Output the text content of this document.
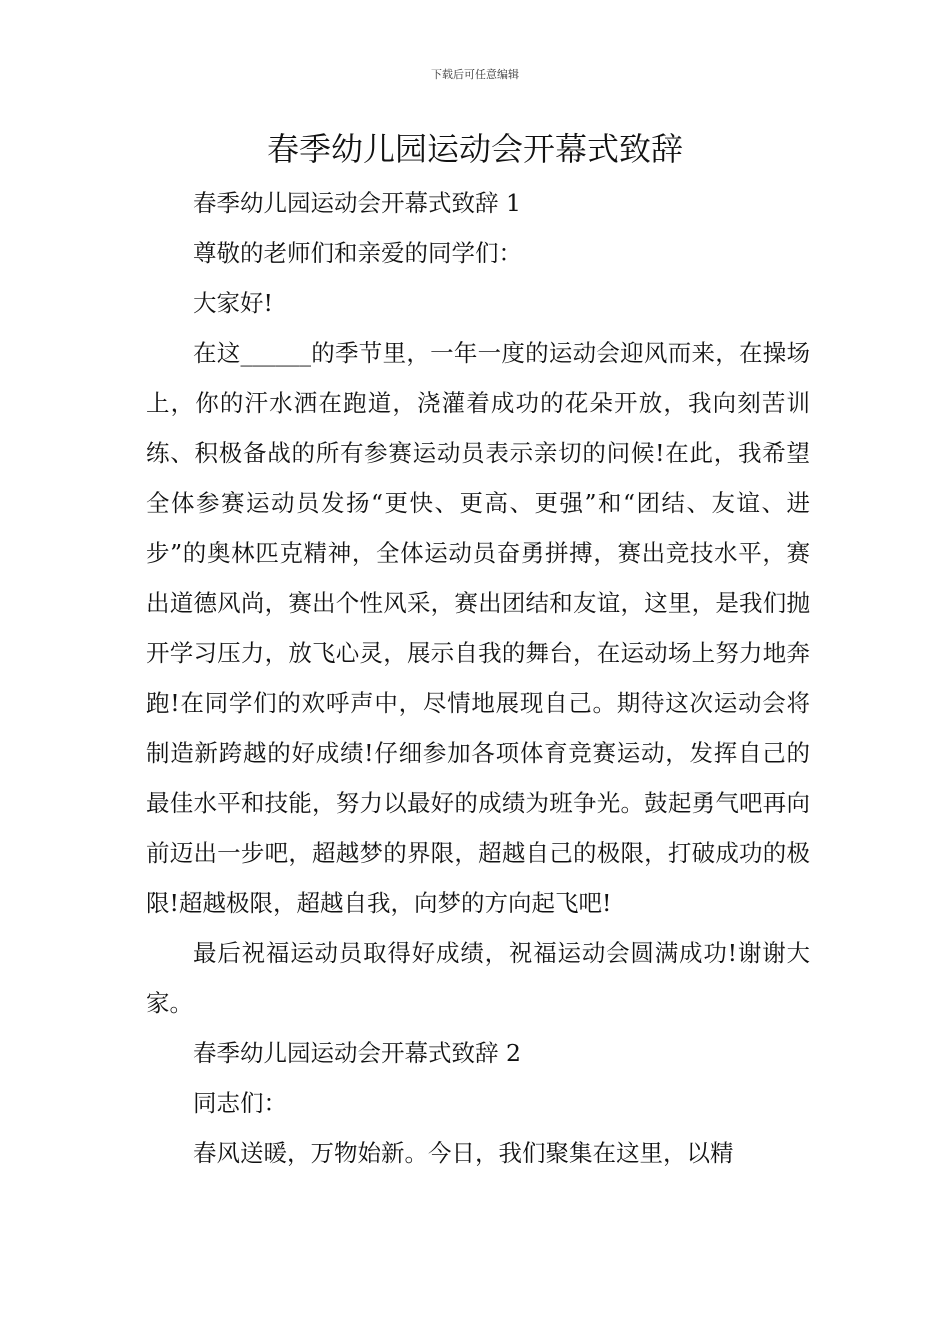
下载后可任意编辑
春季幼儿园运动会开幕式致辞

春季幼儿园运动会开幕式致辞 1

尊敬的老师们和亲爱的同学们：

大家好!

在这______的季节里，一年一度的运动会迎风而来，在操场上，你的汗水洒在跑道，浇灌着成功的花朵开放，我向刻苦训练、积极备战的所有参赛运动员表示亲切的问候!在此，我希望全体参赛运动员发扬“更快、更高、更强”和“团结、友谊、进步”的奥林匹克精神，全体运动员奋勇拼搏，赛出竞技水平，赛出道德风尚，赛出个性风采，赛出团结和友谊，这里，是我们抛开学习压力，放飞心灵，展示自我的舞台，在运动场上努力地奔跑!在同学们的欢呼声中，尽情地展现自己。期待这次运动会将制造新跨越的好成绩!仔细参加各项体育竞赛运动，发挥自己的最佳水平和技能，努力以最好的成绩为班争光。鼓起勇气吧再向前迈出一步吧，超越梦的界限，超越自己的极限，打破成功的极限!超越极限，超越自我，向梦的方向起飞吧!

最后祝福运动员取得好成绩，祝福运动会圆满成功!谢谢大家。

春季幼儿园运动会开幕式致辞 2

同志们：

春风送暖，万物始新。今日，我们聚集在这里，以精
